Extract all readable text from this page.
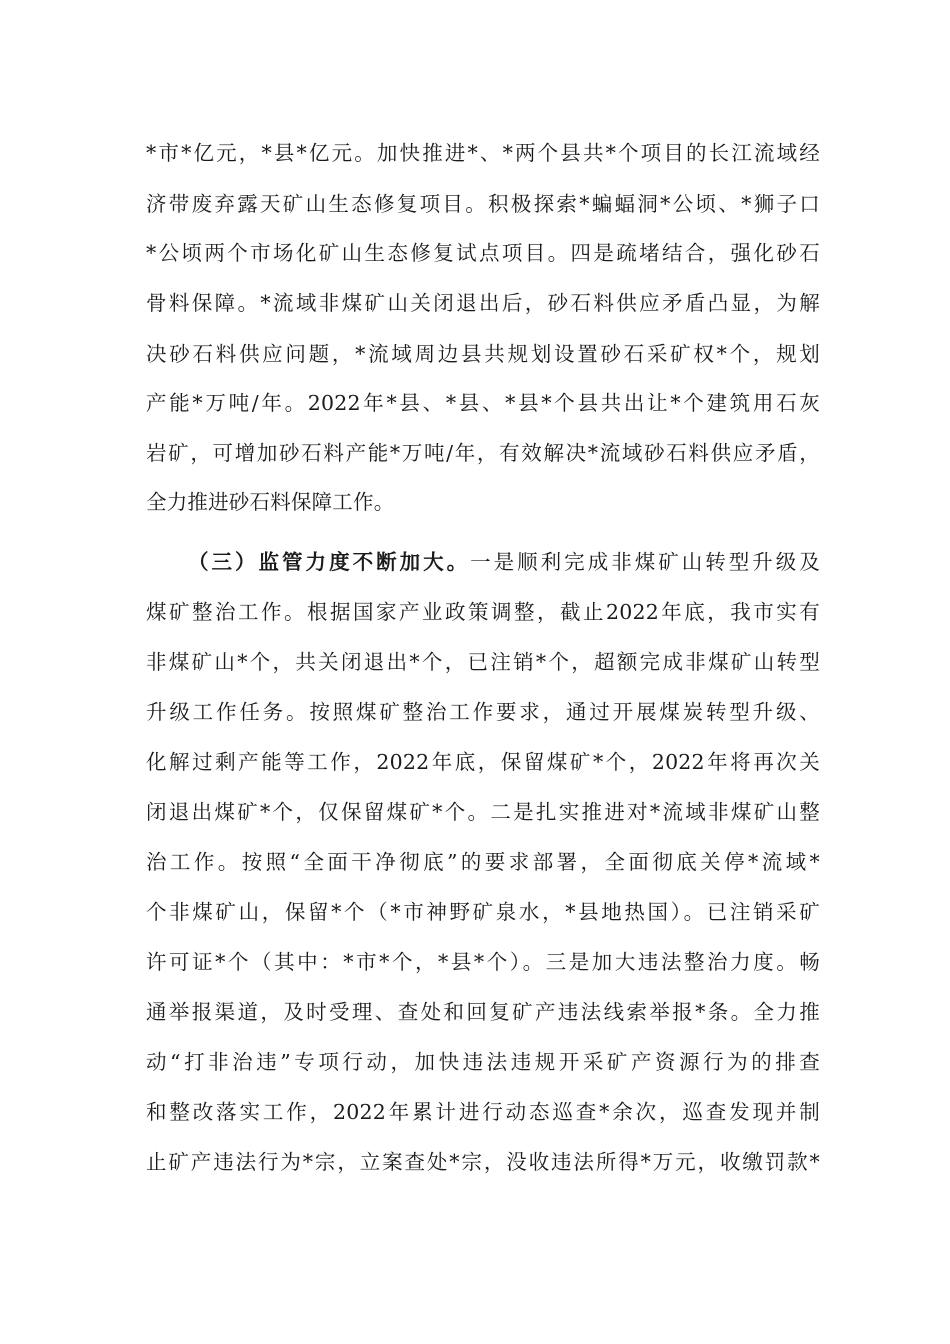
*市*亿元，*县*亿元。加快推进*、*两个县共*个项目的长江流域经
济带废弃露天矿山生态修复项目。积极探索*蝙蝠洞*公顷、*狮子口
*公顷两个市场化矿山生态修复试点项目。四是疏堵结合，强化砂石
骨料保障。*流域非煤矿山关闭退出后，砂石料供应矛盾凸显，为解
决砂石料供应问题，*流域周边县共规划设置砂石采矿权*个，规划
产能*万吨/年。2022年*县、*县、*县*个县共出让*个建筑用石灰
岩矿，可增加砂石料产能*万吨/年，有效解决*流域砂石料供应矛盾，
全力推进砂石料保障工作。
（三）监管力度不断加大。一是顺利完成非煤矿山转型升级及
煤矿整治工作。根据国家产业政策调整，截止2022年底，我市实有
非煤矿山*个，共关闭退出*个，已注销*个，超额完成非煤矿山转型
升级工作任务。按照煤矿整治工作要求，通过开展煤炭转型升级、
化解过剩产能等工作，2022年底，保留煤矿*个，2022年将再次关
闭退出煤矿*个，仅保留煤矿*个。二是扎实推进对*流域非煤矿山整
治工作。按照“全面干净彻底”的要求部署，全面彻底关停*流域*
个非煤矿山，保留*个（*市神野矿泉水，*县地热国）。已注销采矿
许可证*个（其中：*市*个，*县*个）。三是加大违法整治力度。畅
通举报渠道，及时受理、查处和回复矿产违法线索举报*条。全力推
动“打非治违”专项行动，加快违法违规开采矿产资源行为的排查
和整改落实工作，2022年累计进行动态巡查*余次，巡查发现并制
止矿产违法行为*宗，立案查处*宗，没收违法所得*万元，收缴罚款*
